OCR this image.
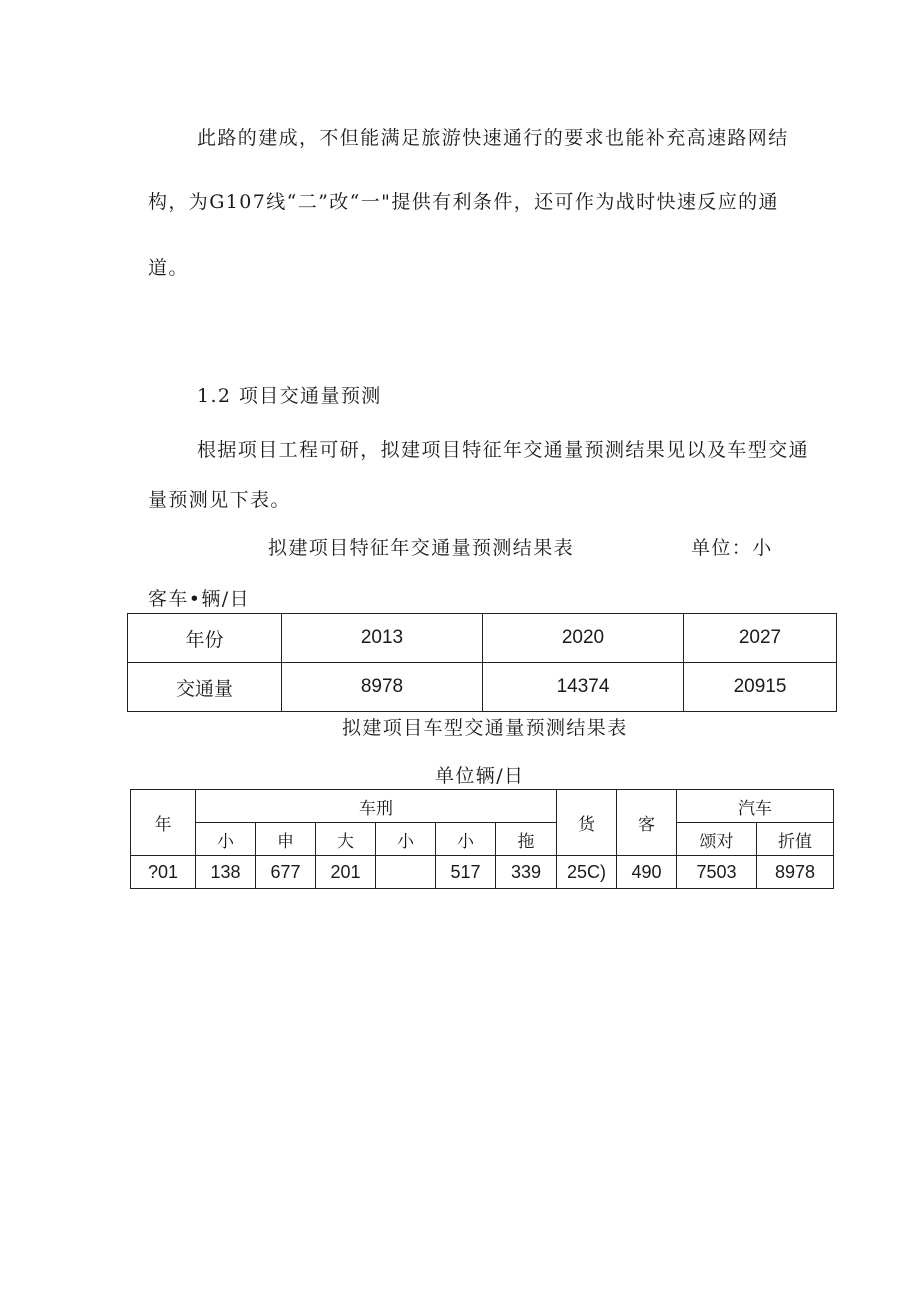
此路的建成，不但能满足旅游快速通行的要求也能补充高速路网结
构，为G107线“二”改“一"提供有利条件，还可作为战时快速反应的通
道。
1.2 项目交通量预测
根据项目工程可研，拟建项目特征年交通量预测结果见以及车型交通
量预测见下表。
拟建项目特征年交通量预测结果表	单位：小
客车•辆/日
年份	2013	2020	2027
交通量	8978	14374	20915
拟建项目车型交通量预测结果表
单位辆/日
年	车刑						货	客	汽车	
	小	申	大	小	小	拖			颂对	折值
?01	138	677	201		517	339	25C)	490	7503	8978
